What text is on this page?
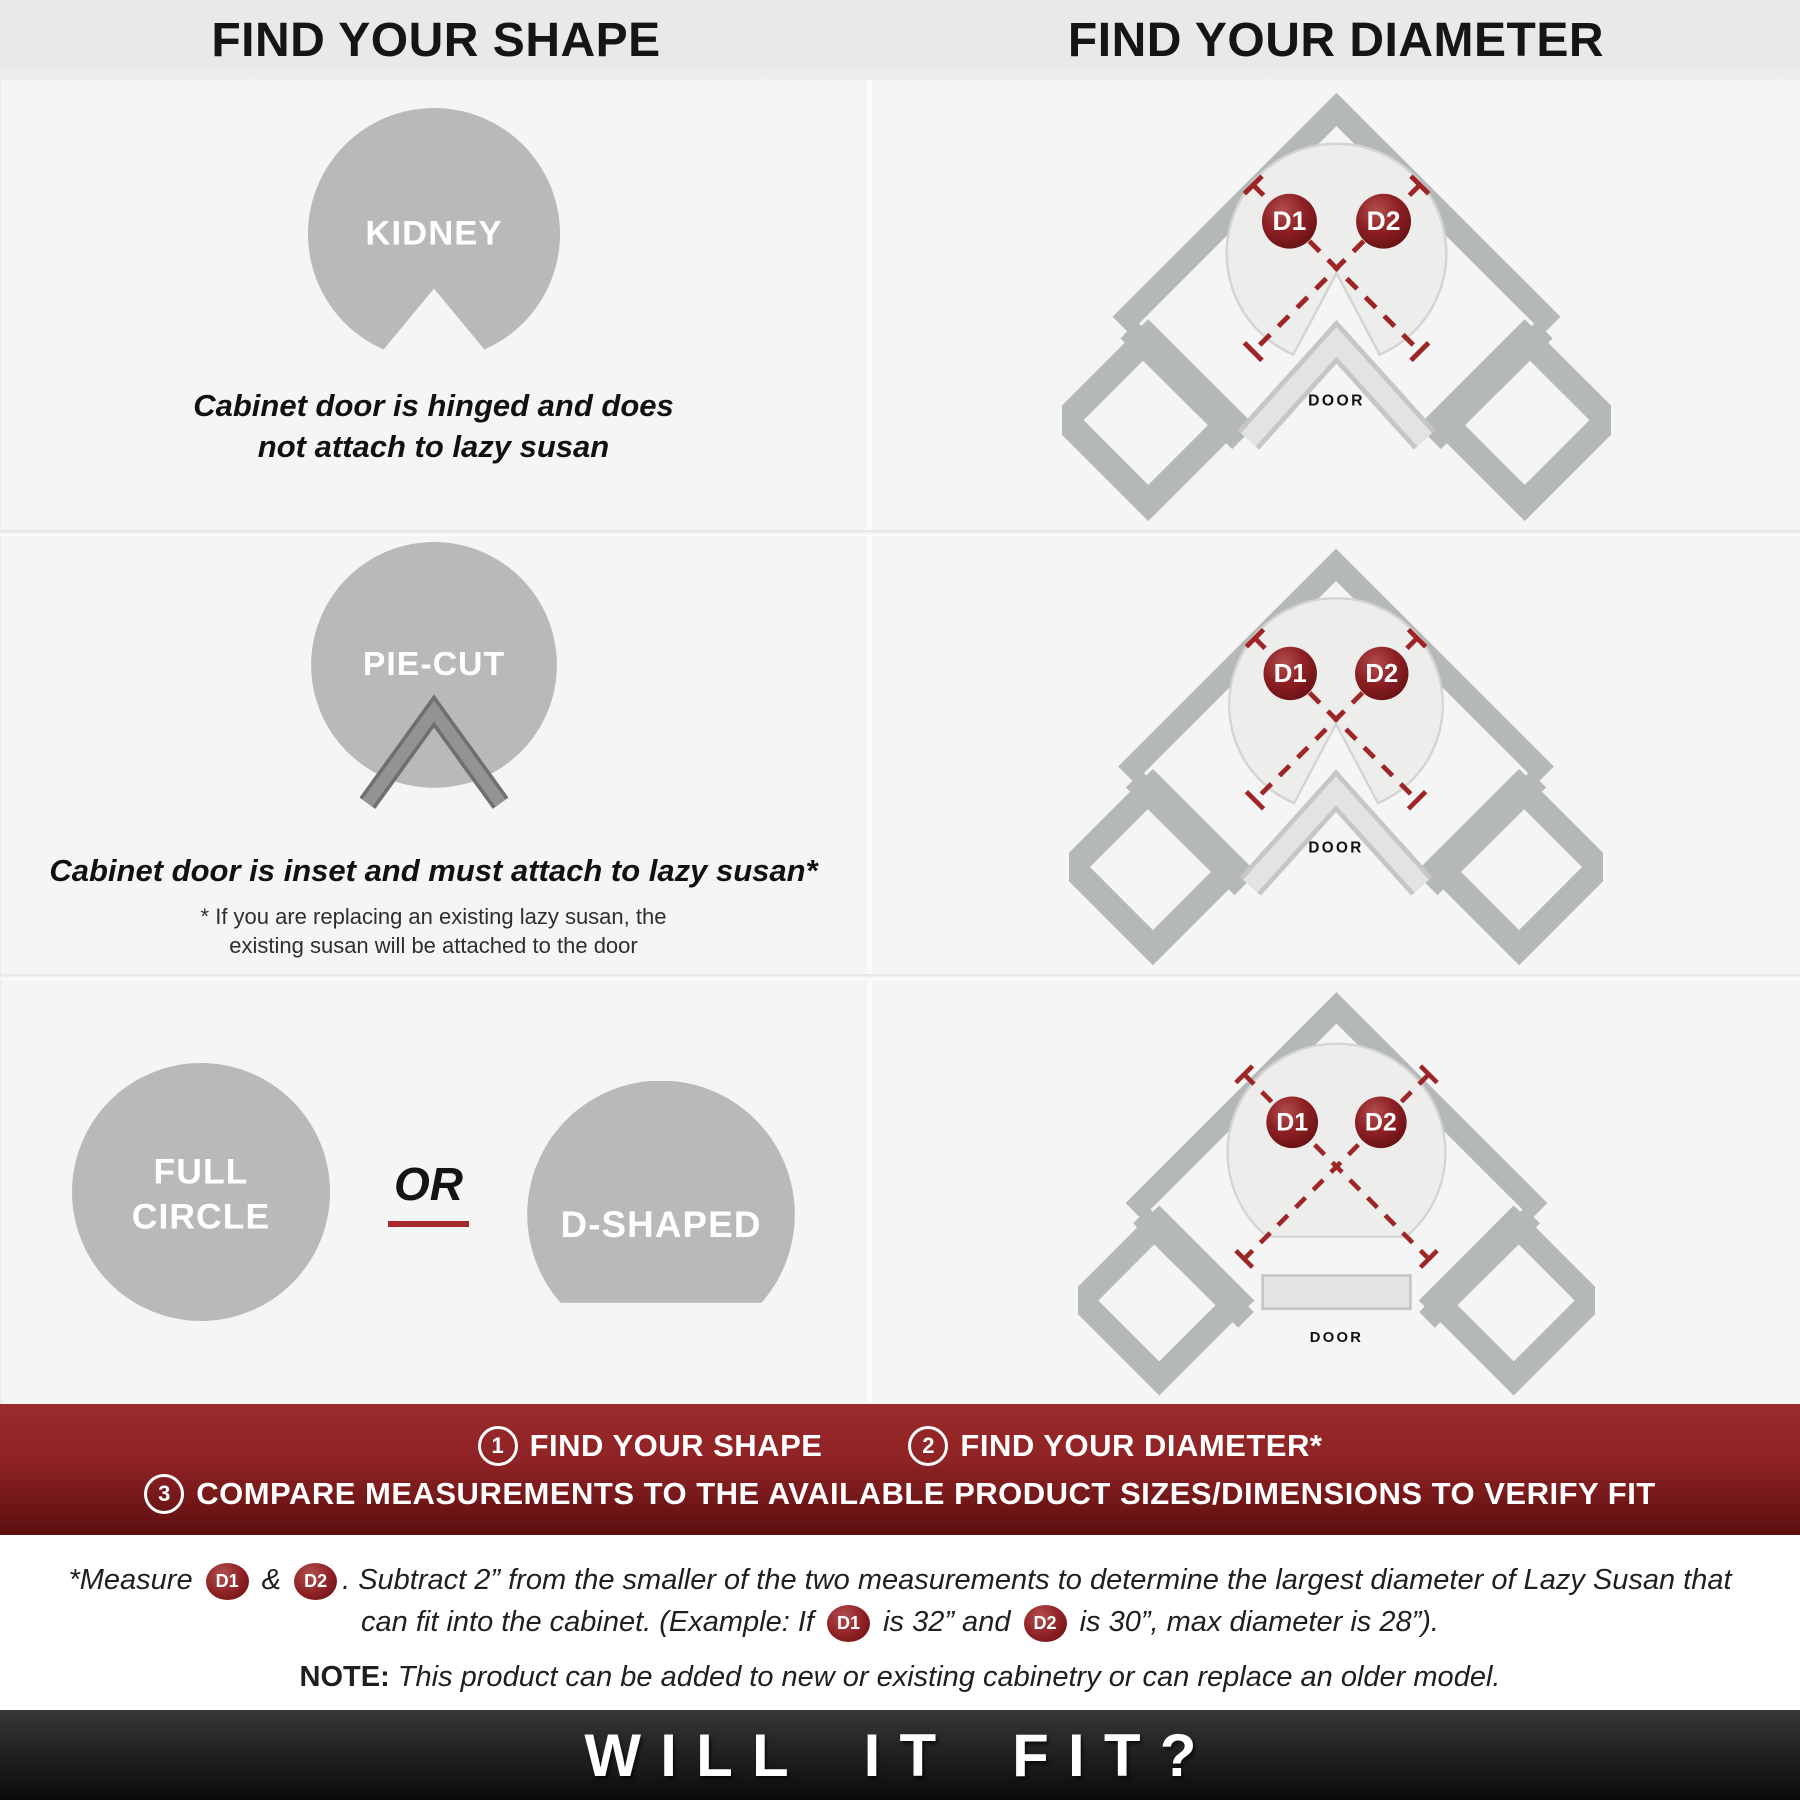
FIND YOUR SHAPE	FIND YOUR DIAMETER
KIDNEY
Cabinet door is hinged and does
not attach to lazy susan
D1 D2
DOOR
PIE-CUT
Cabinet door is inset and must attach to lazy susan*
* If you are replacing an existing lazy susan, the
existing susan will be attached to the door
D1 D2
DOOR
FULL
CIRCLE
OR
D-SHAPED
D1 D2
DOOR
1 FIND YOUR SHAPE	2 FIND YOUR DIAMETER*
3 COMPARE MEASUREMENTS TO THE AVAILABLE PRODUCT SIZES/DIMENSIONS TO VERIFY FIT
*Measure D1 & D2 . Subtract 2” from the smaller of the two measurements to determine the largest diameter of Lazy Susan that can fit into the cabinet. (Example: If D1 is 32” and D2 is 30”, max diameter is 28”).
NOTE: This product can be added to new or existing cabinetry or can replace an older model.
WILL IT FIT?
